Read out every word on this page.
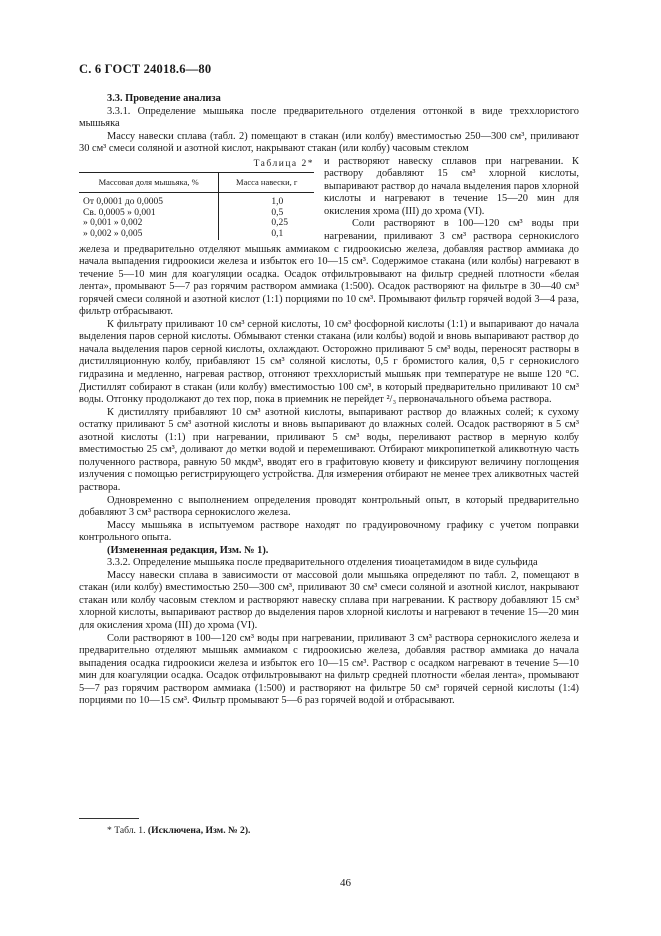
С. 6 ГОСТ 24018.6—80

3.3. Проведение анализа

3.3.1. Определение мышьяка после предварительного отделения оттонкой в виде треххлористого мышьяка

Массу навески сплава (табл. 2) помещают в стакан (или колбу) вместимостью 250—300 см³, приливают 30 см³ смеси соляной и азотной кислот, накрывают стакан (или колбу) часовым стеклом

Таблица 2*
Массовая доля мышьяка, %	Масса навески, г
От 0,0001 до 0,0005	1,0
Св. 0,0005 » 0,001	0,5
» 0,001 » 0,002	0,25
» 0,002 » 0,005	0,1

и растворяют навеску сплавов при нагревании. К раствору добавляют 15 см³ хлорной кислоты, выпаривают раствор до начала выделения паров хлорной кислоты и нагревают в течение 15—20 мин для окисления хрома (III) до хрома (VI).

Соли растворяют в 100—120 см³ воды при нагревании, приливают 3 см³ раствора сернокислого железа и предварительно отделяют мышьяк аммиаком с гидроокисью железа, добавляя раствор аммиака до начала выпадения гидроокиси железа и избыток его 10—15 см³. Содержимое стакана (или колбы) нагревают в течение 5—10 мин для коагуляции осадка. Осадок отфильтровывают на фильтр средней плотности «белая лента», промывают 5—7 раз горячим раствором аммиака (1:500). Осадок растворяют на фильтре в 30—40 см³ горячей смеси соляной и азотной кислот (1:1) порциями по 10 см³. Промывают фильтр горячей водой 3—4 раза, фильтр отбрасывают.

К фильтрату приливают 10 см³ серной кислоты, 10 см³ фосфорной кислоты (1:1) и выпаривают до начала выделения паров серной кислоты. Обмывают стенки стакана (или колбы) водой и вновь выпаривают раствор до начала выделения паров серной кислоты, охлаждают. Осторожно приливают 5 см³ воды, переносят растворы в дистилляционную колбу, прибавляют 15 см³ соляной кислоты, 0,5 г бромистого калия, 0,5 г сернокислого гидразина и медленно, нагревая раствор, отгоняют треххлористый мышьяк при температуре не выше 120 °С. Дистиллят собирают в стакан (или колбу) вместимостью 100 см³, в который предварительно приливают 10 см³ воды. Отгонку продолжают до тех пор, пока в приемник не перейдет ²/₃ первоначального объема раствора.

К дистилляту прибавляют 10 см³ азотной кислоты, выпаривают раствор до влажных солей; к сухому остатку приливают 5 см³ азотной кислоты и вновь выпаривают до влажных солей. Осадок растворяют в 5 см³ азотной кислоты (1:1) при нагревании, приливают 5 см³ воды, переливают раствор в мерную колбу вместимостью 25 см³, доливают до метки водой и перемешивают. Отбирают микропипеткой аликвотную часть полученного раствора, равную 50 мкдм³, вводят его в графитовую кювету и фиксируют величину поглощения излучения с помощью регистрирующего устройства. Для измерения отбирают не менее трех аликвотных частей раствора.

Одновременно с выполнением определения проводят контрольный опыт, в который предварительно добавляют 3 см³ раствора сернокислого железа.

Массу мышьяка в испытуемом растворе находят по градуировочному графику с учетом поправки контрольного опыта.

(Измененная редакция, Изм. № 1).

3.3.2. Определение мышьяка после предварительного отделения тиоацетамидом в виде сульфида

Массу навески сплава в зависимости от массовой доли мышьяка определяют по табл. 2, помещают в стакан (или колбу) вместимостью 250—300 см³, приливают 30 см³ смеси соляной и азотной кислот, накрывают стакан или колбу часовым стеклом и растворяют навеску сплава при нагревании. К раствору добавляют 15 см³ хлорной кислоты, выпаривают раствор до выделения паров хлорной кислоты и нагревают в течение 15—20 мин для окисления хрома (III) до хрома (VI).

Соли растворяют в 100—120 см³ воды при нагревании, приливают 3 см³ раствора сернокислого железа и предварительно отделяют мышьяк аммиаком с гидроокисью железа, добавляя раствор аммиака до начала выпадения осадка гидроокиси железа и избыток его 10—15 см³. Раствор с осадком нагревают в течение 5—10 мин для коагуляции осадка. Осадок отфильтровывают на фильтр средней плотности «белая лента», промывают 5—7 раз горячим раствором аммиака (1:500) и растворяют на фильтре 50 см³ горячей серной кислоты (1:4) порциями по 10—15 см³. Фильтр промывают 5—6 раз горячей водой и отбрасывают.

* Табл. 1. (Исключена, Изм. № 2).
46
